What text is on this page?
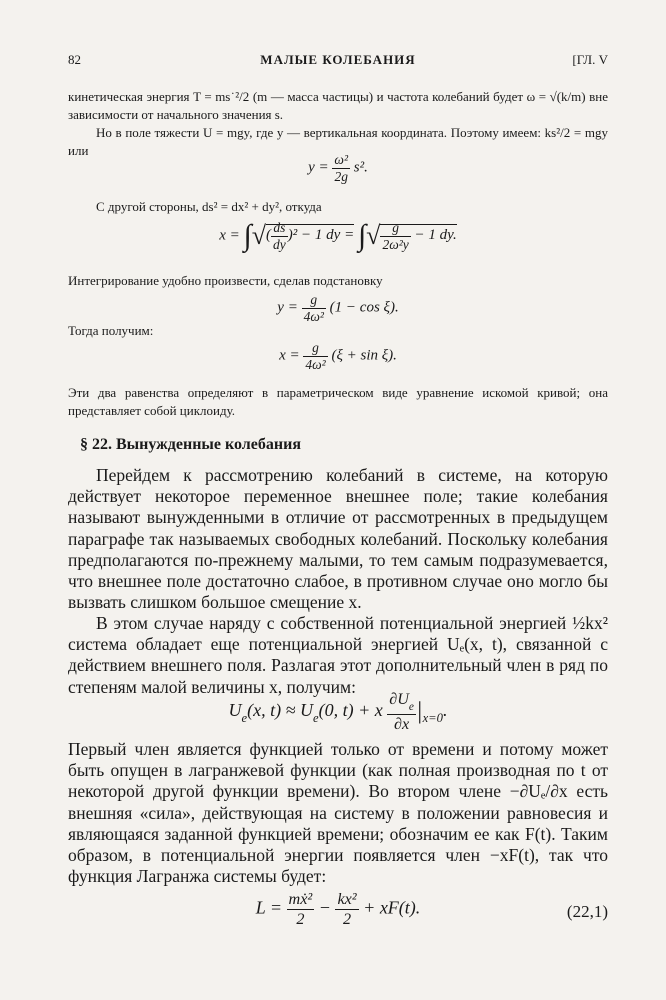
82	МАЛЫЕ КОЛЕБАНИЯ	[ГЛ. V

кинетическая энергия T = ms˙²/2 (m — масса частицы) и частота колебаний будет ω = √(k/m) вне зависимости от начального значения s.

Но в поле тяжести U = mgy, где y — вертикальная координата. Поэтому имеем: ks²/2 = mgy или

$y = \frac{\text{ω²}}{2g} s^2$.

С другой стороны, ds² = dx² + dy², откуда

x = ∫√( $\frac{ds}{dy} )^2 - 1$ dy = ∫√ $\frac{g}{\text{2ω²y}} - 1$ dy.

Интегрирование удобно произвести, сделав подстановку

$y = \frac{g}{\text{4ω²}} (1 - \cos \xi)$.

Тогда получим:

$x = \frac{g}{\text{4ω²}} (\xi + \sin \xi)$.

Эти два равенства определяют в параметрическом виде уравнение искомой кривой; она представляет собой циклоиду.

§ 22. Вынужденные колебания

Перейдем к рассмотрению колебаний в системе, на которую действует некоторое переменное внешнее поле; такие колебания называют вынужденными в отличие от рассмотренных в предыдущем параграфе так называемых свободных колебаний. Поскольку колебания предполагаются по-прежнему малыми, то тем самым подразумевается, что внешнее поле достаточно слабое, в противном случае оно могло бы вызвать слишком большое смещение x.

В этом случае наряду с собственной потенциальной энергией ½kx² система обладает еще потенциальной энергией Uₑ(x, t), связанной с действием внешнего поля. Разлагая этот дополнительный член в ряд по степеням малой величины x, получим:

$U_e(x$, $t) \approx U_e(0$, t) + x $\frac{\partial U_e}{\partial x} |_{x=0}$.

Первый член является функцией только от времени и потому может быть опущен в лагранжевой функции (как полная производная по t от некоторой другой функции времени). Во втором члене −∂Uₑ/∂x есть внешняя «сила», действующая на систему в положении равновесия и являющаяся заданной функцией времени; обозначим ее как F(t). Таким образом, в потенциальной энергии появляется член −xF(t), так что функция Лагранжа системы будет:

$L = \frac{\text{mẋ²}}{2} - \frac{\text{kx²}}{2} + xF(t)$.	(22,1)
